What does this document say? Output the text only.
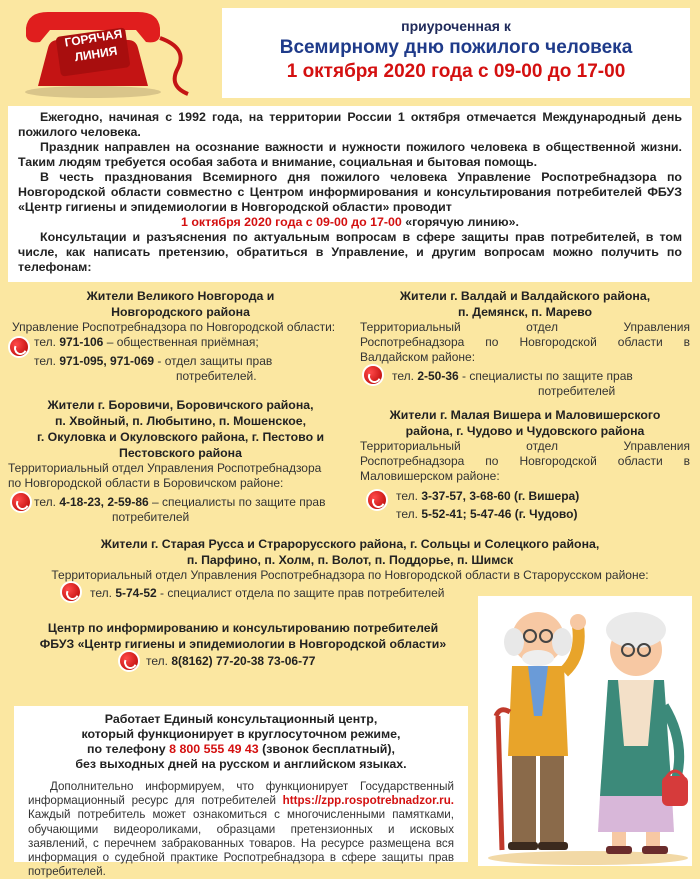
ГОРЯЧАЯ
ЛИНИЯ
приуроченная к
Всемирному дню пожилого человека
1 октября 2020 года с 09-00 до 17-00

Ежегодно, начиная с 1992 года, на территории России 1 октября отмечается Международный день пожилого человека.

Праздник направлен на осознание важности и нужности пожилого человека в общественной жизни. Таким людям требуется особая забота и внимание, социальная и бытовая помощь.

В честь празднования Всемирного дня пожилого человека Управление Роспотребнадзора по Новгородской области совместно с Центром информирования и консультирования потребителей ФБУЗ «Центр гигиены и эпидемиологии в Новгородской области» проводит

1 октября 2020 года с 09-00 до 17-00 «горячую линию».

Консультации и разъяснения по актуальным вопросам в сфере защиты прав потребителей, в том числе, как написать претензию, обратиться в Управление, и другим вопросам можно получить по телефонам:

Жители Великого Новгорода и
Новгородского района
Управление Роспотребнадзора по Новгородской области:
тел. 971-106 – общественная приёмная;
тел. 971-095, 971-069 - отдел защиты прав
потребителей.
Жители г. Валдай и Валдайского района,
п. Демянск, п. Марево
Территориальный отдел Управления
Роспотребнадзора по Новгородской области в
Валдайском районе:
тел. 2-50-36 - специалисты по защите прав
потребителей
Жители г. Боровичи, Боровичского района,
п. Хвойный, п. Любытино, п. Мошенское,
г. Окуловка и Окуловского района, г. Пестово и
Пестовского района
Территориальный отдел Управления Роспотребнадзора
по Новгородской области в Боровичском районе:
тел. 4-18-23, 2-59-86 – специалисты по защите прав
потребителей
Жители г. Малая Вишера и Маловишерского
района, г. Чудово и Чудовского района
Территориальный отдел Управления
Роспотребнадзора по Новгородской области в
Маловишерском районе:
тел. 3-37-57, 3-68-60 (г. Вишера)
тел. 5-52-41; 5-47-46 (г. Чудово)
Жители г. Старая Русса и Страрорусского района, г. Сольцы и Солецкого района,
п. Парфино, п. Холм, п. Волот, п. Поддорье, п. Шимск
Территориальный отдел Управления Роспотребнадзора по Новгородской области в Старорусском районе:
тел. 5-74-52 - специалист отдела по защите прав потребителей
Центр по информированию и консультированию потребителей
ФБУЗ «Центр гигиены и эпидемиологии в Новгородской области»
тел. 8(8162) 77-20-38 73-06-77
Работает Единый консультационный центр,
который функционирует в круглосуточном режиме,
по телефону 8 800 555 49 43 (звонок бесплатный),
без выходных дней на русском и английском языках.
Дополнительно информируем, что функционирует Государственный информационный ресурс для потребителей https://zpp.rospotrebnadzor.ru. Каждый потребитель может ознакомиться с многочисленными памятками, обучающими видеороликами, образцами претензионных и исковых заявлений, с перечнем забракованных товаров. На ресурсе размещена вся информация о судебной практике Роспотребнадзора в сфере защиты прав потребителей.
